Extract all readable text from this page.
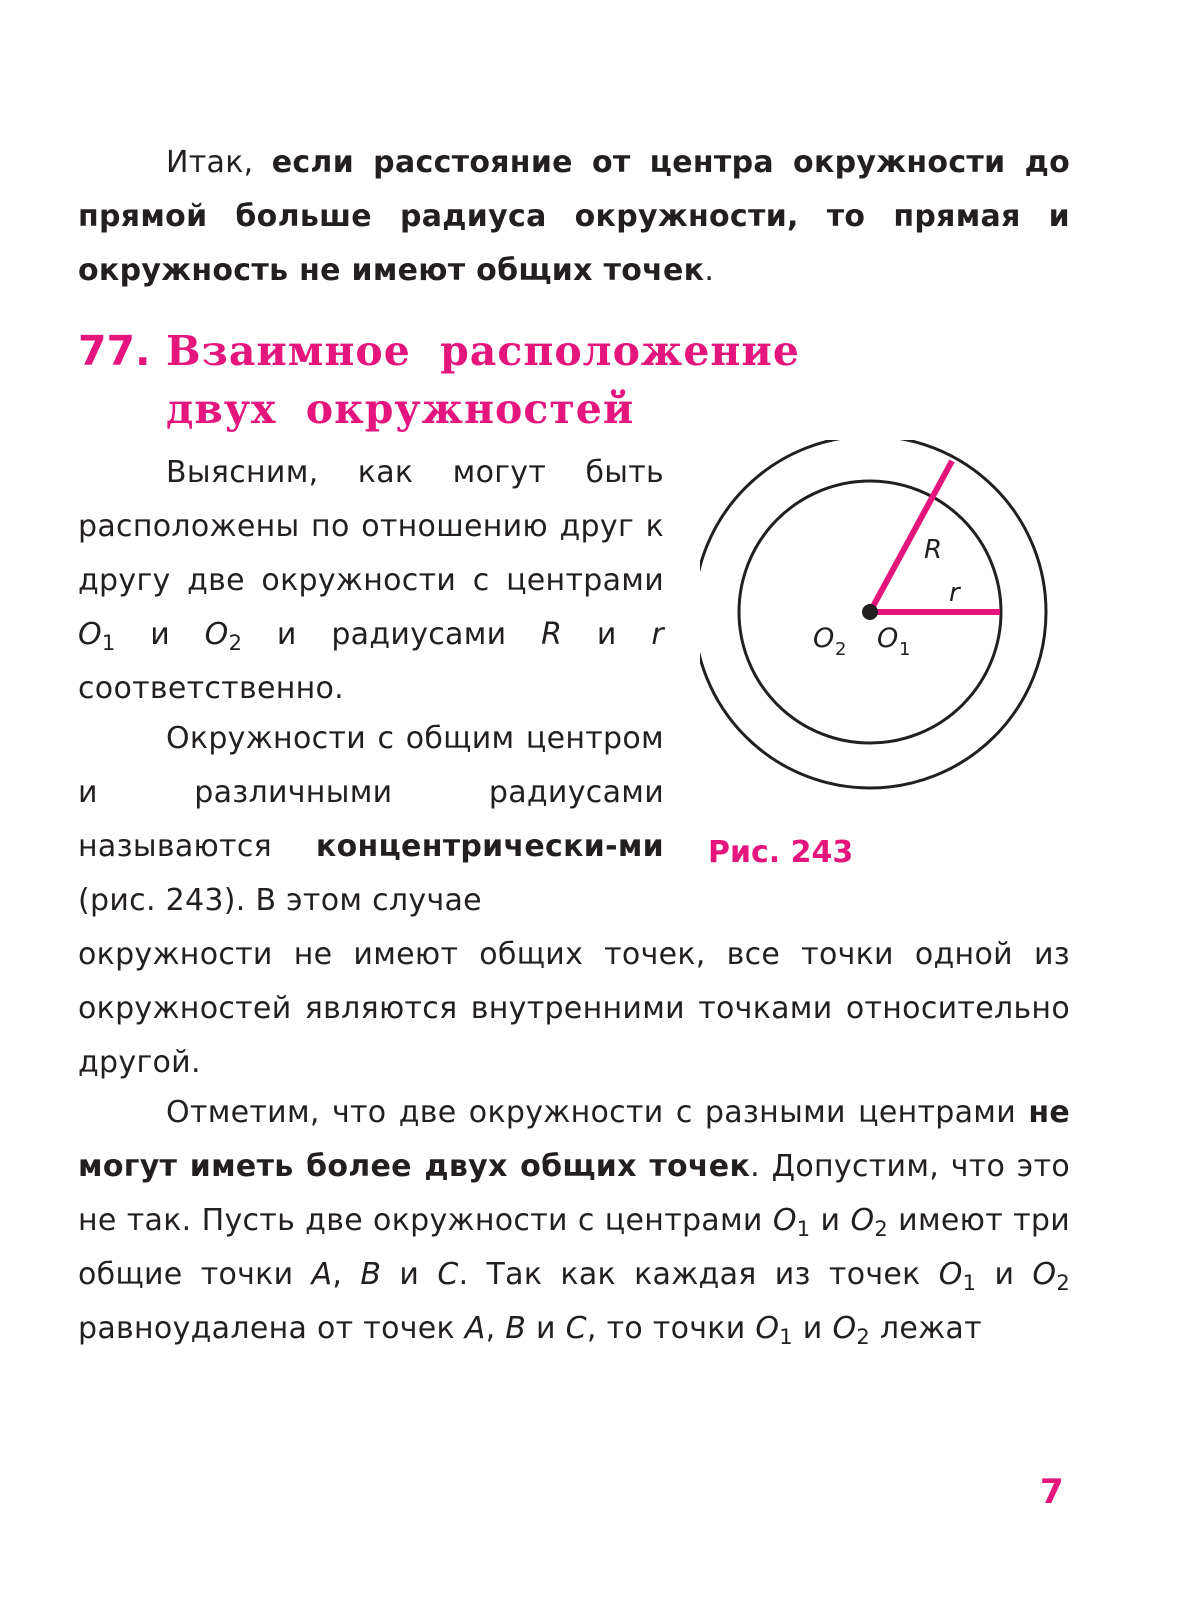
Итак, если расстояние от центра окружности до прямой больше радиуса окружности, то прямая и окружность не имеют общих точек.

77. Взаимное расположение двух окружностей

Выясним, как могут быть расположены по отношению друг к другу две окружности с центрами $O_1$ и $O_2$ и радиусами R и r соответственно.

Окружности с общим центром и различными радиусами называются концентрически-ми (рис. 243). В этом случае

окружности не имеют общих точек, все точки одной из окружностей являются внутренними точками относительно другой.

Отметим, что две окружности с разными центрами не могут иметь более двух общих точек. Допустим, что это не так. Пусть две окружности с центрами $O_1$ и $O_2$ имеют три общие точки A, B и C. Так как каждая из точек $O_1$ и $O_2$ равноудалена от точек A, B и C, то точки $O_1$ и $O_2$ лежат

R
r
O 2 O 1
Рис. 243
7
